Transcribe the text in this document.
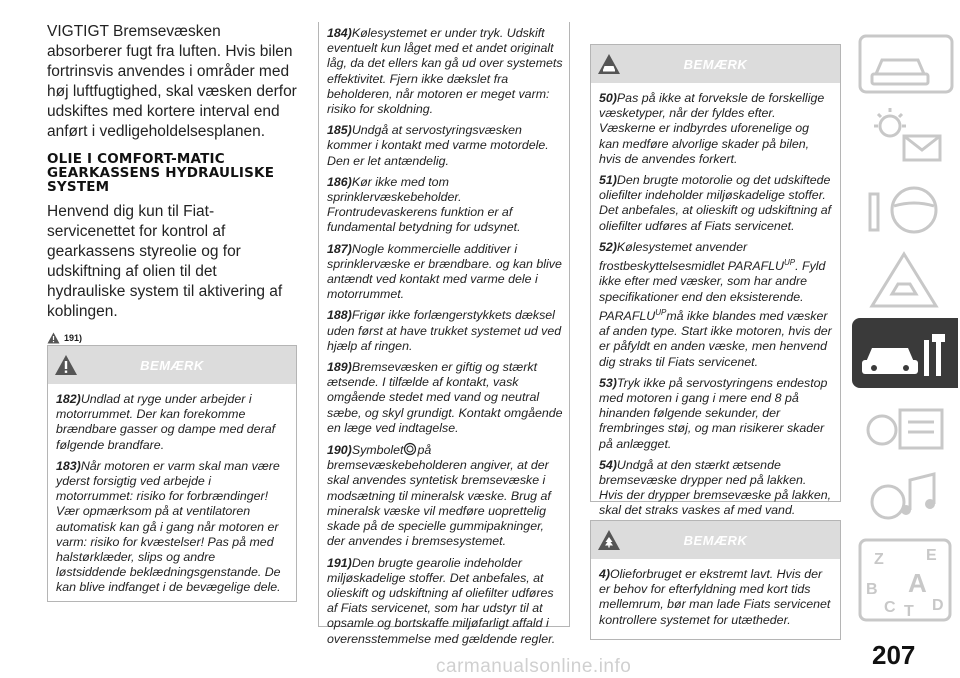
VIGTIGT Bremsevæsken absorberer fugt fra luften. Hvis bilen fortrinsvis anvendes i områder med høj luftfugtighed, skal væsken derfor udskiftes med kortere interval end anført i vedligeholdelsesplanen.

OLIE I COMFORT-MATIC GEARKASSENS HYDRAULISKE SYSTEM

Henvend dig kun til Fiat-servicenettet for kontrol af gearkassens styreolie og for udskiftning af olien til det hydrauliske system til aktivering af koblingen.

191)
BEMÆRK

182)Undlad at ryge under arbejder i motorrummet. Der kan forekomme brændbare gasser og dampe med deraf følgende brandfare.

183)Når motoren er varm skal man være yderst forsigtig ved arbejde i motorrummet: risiko for forbrændinger! Vær opmærksom på at ventilatoren automatisk kan gå i gang når motoren er varm: risiko for kvæstelser! Pas på med halstørklæder, slips og andre løstsiddende beklædningsgenstande. De kan blive indfanget i de bevægelige dele.

184)Kølesystemet er under tryk. Udskift eventuelt kun låget med et andet originalt låg, da det ellers kan gå ud over systemets effektivitet. Fjern ikke dækslet fra beholderen, når motoren er meget varm: risiko for skoldning.

185)Undgå at servostyringsvæsken kommer i kontakt med varme motordele. Den er let antændelig.

186)Kør ikke med tom sprinklervæskebeholder. Frontrudevaskerens funktion er af fundamental betydning for udsynet.

187)Nogle kommercielle additiver i sprinklervæske er brændbare. og kan blive antændt ved kontakt med varme dele i motorrummet.

188)Frigør ikke forlængerstykkets dæksel uden først at have trukket systemet ud ved hjælp af ringen.

189)Bremsevæsken er giftig og stærkt ætsende. I tilfælde af kontakt, vask omgående stedet med vand og neutral sæbe, og skyl grundigt. Kontakt omgående en læge ved indtagelse.

190)Symbolet på bremsevæskebeholderen angiver, at der skal anvendes syntetisk bremsevæske i modsætning til mineralsk væske. Brug af mineralsk væske vil medføre uoprettelig skade på de specielle gummipakninger, der anvendes i bremsesystemet.

191)Den brugte gearolie indeholder miljøskadelige stoffer. Det anbefales, at olieskift og udskiftning af oliefilter udføres af Fiats servicenet, som har udstyr til at opsamle og bortskaffe miljøfarligt affald i overensstemmelse med gældende regler.

BEMÆRK

50)Pas på ikke at forveksle de forskellige væsketyper, når der fyldes efter. Væskerne er indbyrdes uforenelige og kan medføre alvorlige skader på bilen, hvis de anvendes forkert.

51)Den brugte motorolie og det udskiftede oliefilter indeholder miljøskadelige stoffer. Det anbefales, at olieskift og udskiftning af oliefilter udføres af Fiats servicenet.

52)Kølesystemet anvender frostbeskyttelsesmidlet $PARAFLU^{UP}$. Fyld ikke efter med væsker, som har andre specifikationer end den eksisterende. $PARAFLU^{UP}må$ ikke blandes med væsker af anden type. Start ikke motoren, hvis der er påfyldt en anden væske, men henvend dig straks til Fiats servicenet.

53)Tryk ikke på servostyringens endestop med motoren i gang i mere end 8 på hinanden følgende sekunder, der frembringes støj, og man risikerer skader på anlægget.

54)Undgå at den stærkt ætsende bremsevæske drypper ned på lakken. Hvis der drypper bremsevæske på lakken, skal det straks vaskes af med vand.

BEMÆRK

4)Olieforbruget er ekstremt lavt. Hvis der er behov for efterfyldning med kort tids mellemrum, bør man lade Fiats servicenet kontrollere systemet for utætheder.

Z	E
B A
C T D
207
carmanualsonline.info
